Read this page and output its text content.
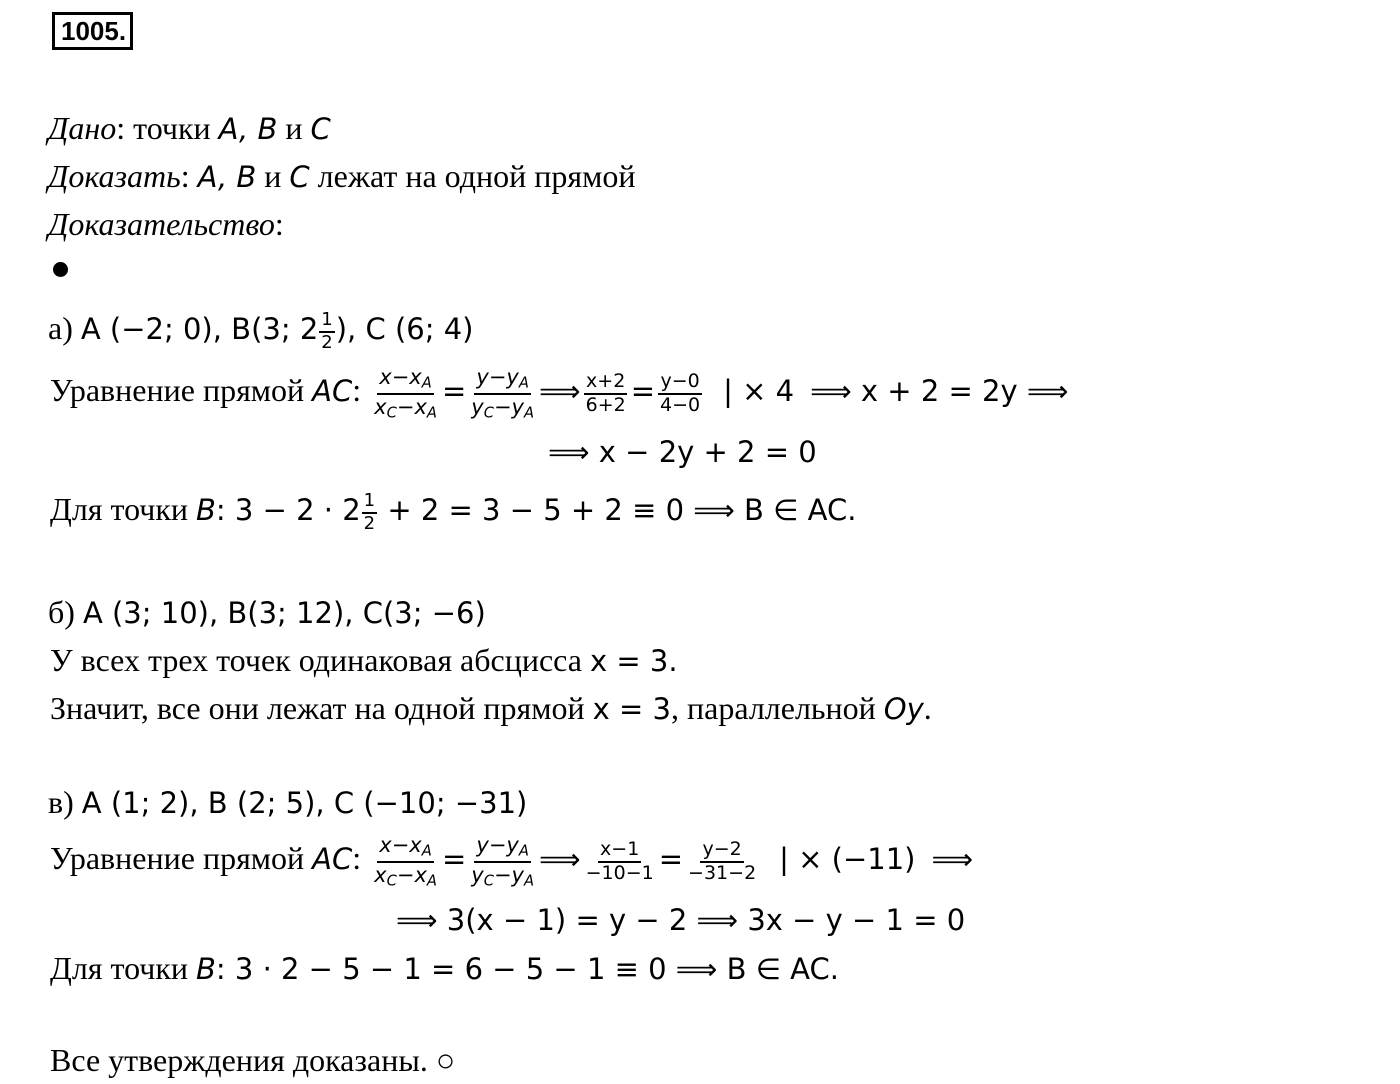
1005.
Дано: точки A, B и C
Доказать: A, B и C лежат на одной прямой
Доказательство:
а) A (−2; 0), B(3; $2 \frac{1}{2}$ ), C (6; 4)
Уравнение прямой AC: $\frac{x-x_A}{x_C-x_A} = \frac{y-y_A}{y_C-y_A}$ ⟹ $\frac{x+2}{6+2} = \frac{y-0}{4-0}$ | × 4 ⟹ x + 2 = 2y ⟹
⟹ x − 2y + 2 = 0
Для точки B: $3 - 2 \cdot 2 \frac{1}{2} + 2 = 3 - 5 + 2 \equiv 0$ ⟹ B ∈ AC.
б) A (3; 10), B(3; 12), C(3; −6)
У всех трех точек одинаковая абсцисса x = 3.
Значит, все они лежат на одной прямой x = 3, параллельной Oy.
в) A (1; 2), B (2; 5), C (−10; −31)
Уравнение прямой AC: $\frac{x-x_A}{x_C-x_A} = \frac{y-y_A}{y_C-y_A}$ ⟹ $\frac{x-1}{-10-1} = \frac{y-2}{-31-2}$ | × (−11) ⟹
⟹ 3(x − 1) = y − 2 ⟹ 3x − y − 1 = 0
Для точки B: 3 · 2 − 5 − 1 = 6 − 5 − 1 ≡ 0 ⟹ B ∈ AC.
Все утверждения доказаны. ○
